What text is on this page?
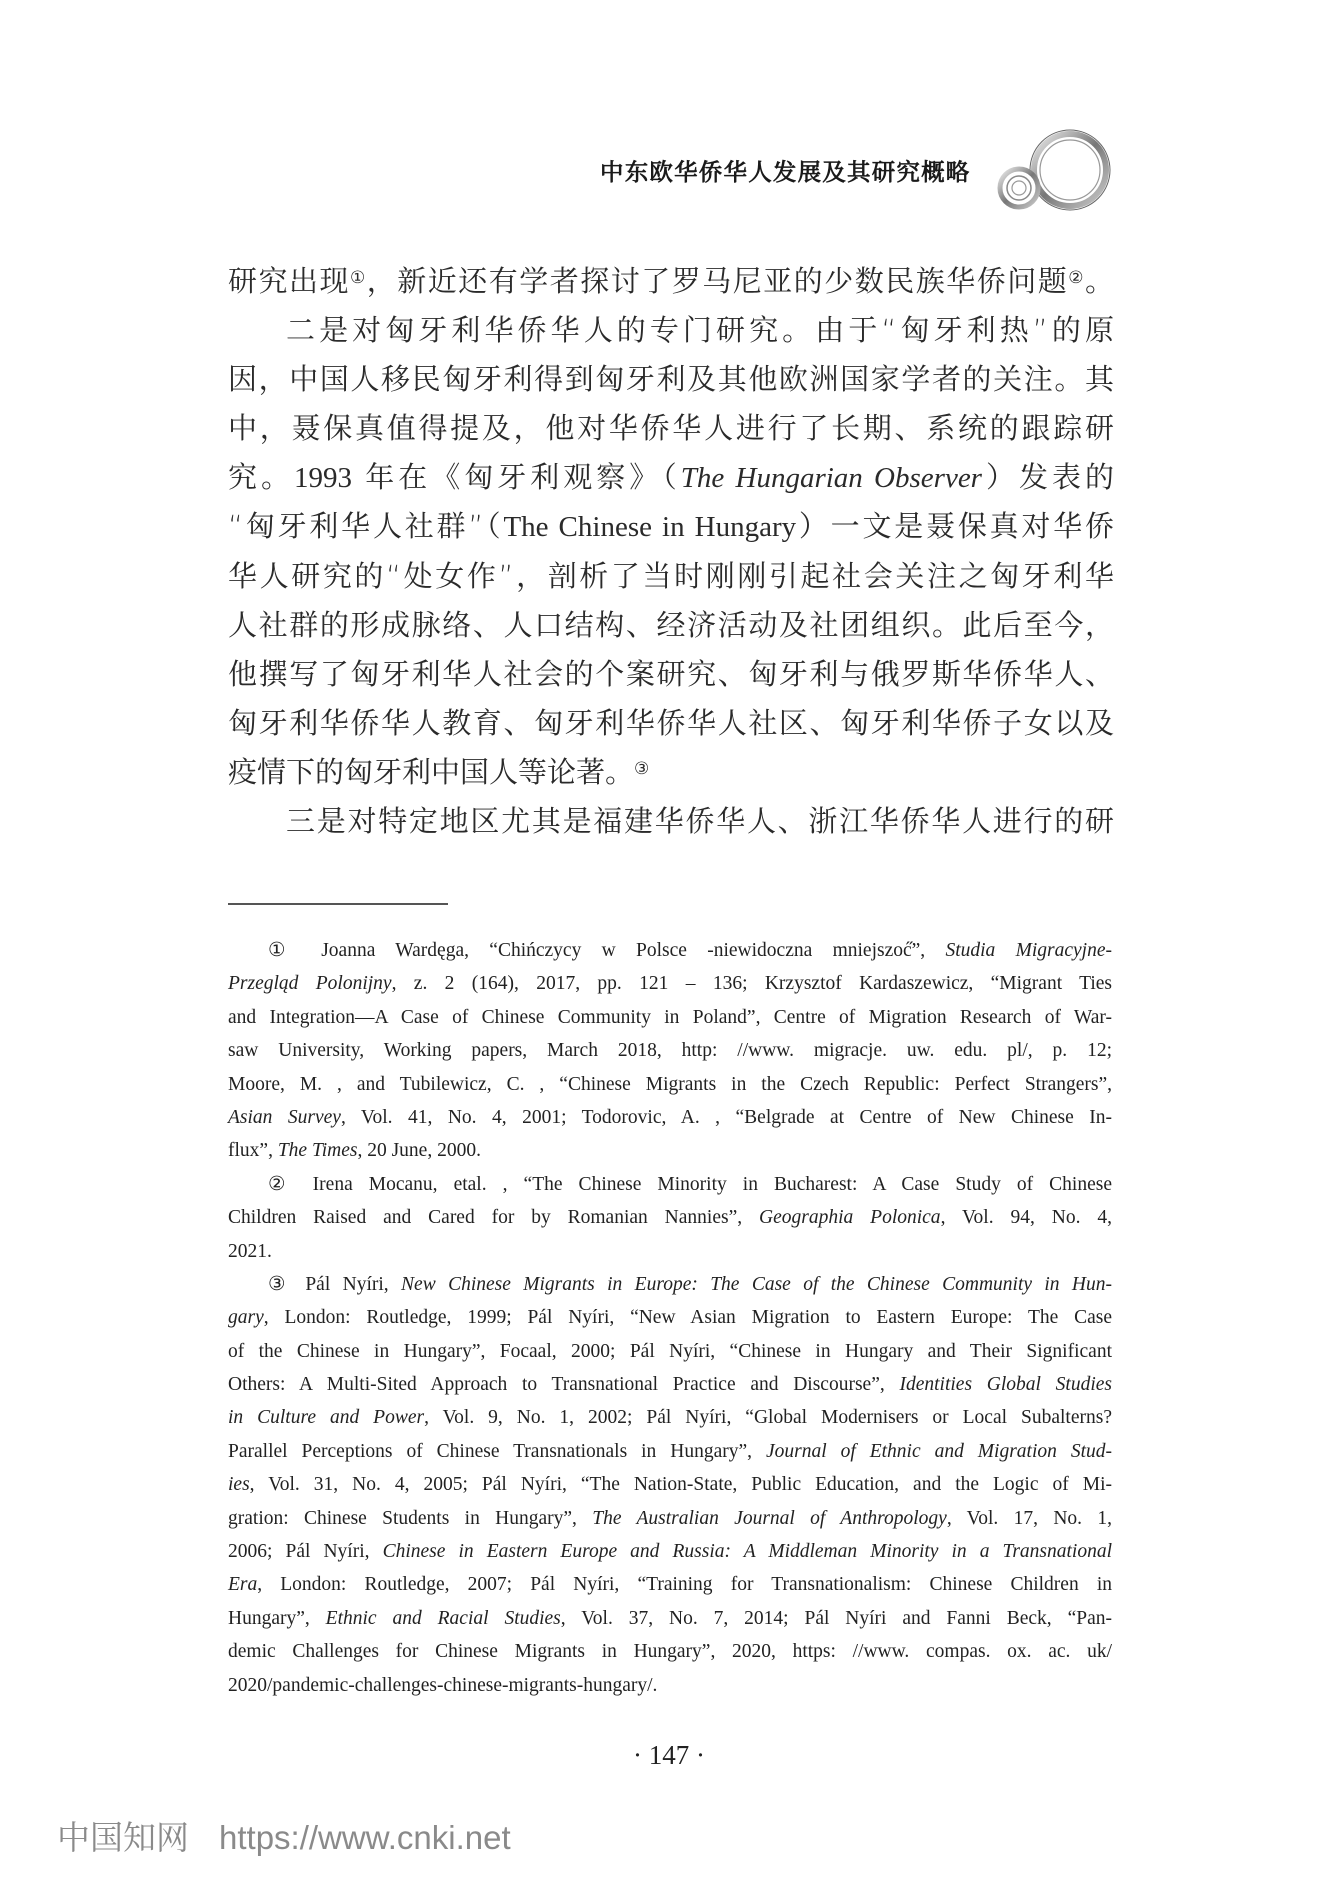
中东欧华侨华人发展及其研究概略
研究出现①，新近还有学者探讨了罗马尼亚的少数民族华侨问题②。
二是对匈牙利华侨华人的专门研究。由于“匈牙利热”的原
因，中国人移民匈牙利得到匈牙利及其他欧洲国家学者的关注。其
中，聂保真值得提及，他对华侨华人进行了长期、系统的跟踪研
究。1993 年在《匈牙利观察》（The Hungarian Observer）发表的
“匈牙利华人社群”（The Chinese in Hungary）一文是聂保真对华侨
华人研究的“处女作”，剖析了当时刚刚引起社会关注之匈牙利华
人社群的形成脉络、人口结构、经济活动及社团组织。此后至今，
他撰写了匈牙利华人社会的个案研究、匈牙利与俄罗斯华侨华人、
匈牙利华侨华人教育、匈牙利华侨华人社区、匈牙利华侨子女以及
疫情下的匈牙利中国人等论著。③
三是对特定地区尤其是福建华侨华人、浙江华侨华人进行的研
① Joanna Wardęga, “Chińczycy w Polsce -niewidoczna mniejszoc̋”, Studia Migracyjne-
Przegląd Polonijny, z. 2 (164), 2017, pp. 121 – 136; Krzysztof Kardaszewicz, “Migrant Ties
and Integration—A Case of Chinese Community in Poland”, Centre of Migration Research of War-
saw University, Working papers, March 2018, http: //www. migracje. uw. edu. pl/, p. 12;
Moore, M. , and Tubilewicz, C. , “Chinese Migrants in the Czech Republic: Perfect Strangers”,
Asian Survey, Vol. 41, No. 4, 2001; Todorovic, A. , “Belgrade at Centre of New Chinese In-
flux”, The Times, 20 June, 2000.
② Irena Mocanu, etal. , “The Chinese Minority in Bucharest: A Case Study of Chinese
Children Raised and Cared for by Romanian Nannies”, Geographia Polonica, Vol. 94, No. 4,
2021.
③ Pál Nyíri, New Chinese Migrants in Europe: The Case of the Chinese Community in Hun-
gary, London: Routledge, 1999; Pál Nyíri, “New Asian Migration to Eastern Europe: The Case
of the Chinese in Hungary”, Focaal, 2000; Pál Nyíri, “Chinese in Hungary and Their Significant
Others: A Multi-Sited Approach to Transnational Practice and Discourse”, Identities Global Studies
in Culture and Power, Vol. 9, No. 1, 2002; Pál Nyíri, “Global Modernisers or Local Subalterns?
Parallel Perceptions of Chinese Transnationals in Hungary”, Journal of Ethnic and Migration Stud-
ies, Vol. 31, No. 4, 2005; Pál Nyíri, “The Nation-State, Public Education, and the Logic of Mi-
gration: Chinese Students in Hungary”, The Australian Journal of Anthropology, Vol. 17, No. 1,
2006; Pál Nyíri, Chinese in Eastern Europe and Russia: A Middleman Minority in a Transnational
Era, London: Routledge, 2007; Pál Nyíri, “Training for Transnationalism: Chinese Children in
Hungary”, Ethnic and Racial Studies, Vol. 37, No. 7, 2014; Pál Nyíri and Fanni Beck, “Pan-
demic Challenges for Chinese Migrants in Hungary”, 2020, https: //www. compas. ox. ac. uk/
2020/pandemic-challenges-chinese-migrants-hungary/.
· 147 ·
中国知网 https://www.cnki.net
